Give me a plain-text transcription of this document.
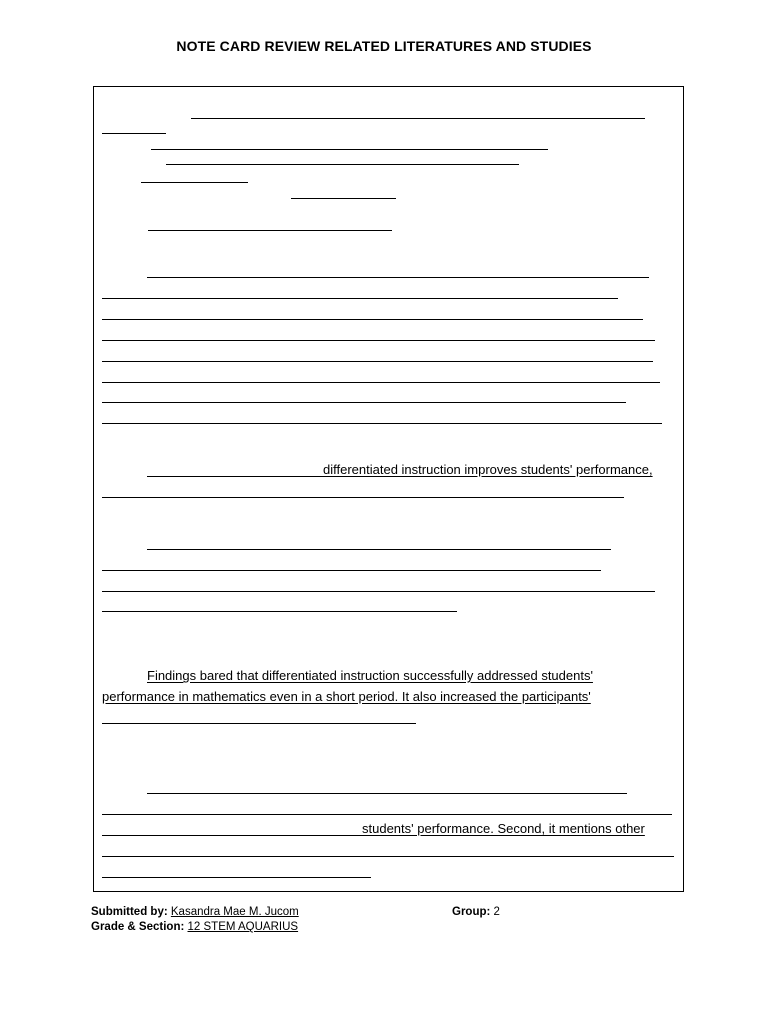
NOTE CARD REVIEW RELATED LITERATURES AND STUDIES
differentiated instruction improves students' performance,
Findings bared that differentiated instruction successfully addressed students'
performance in mathematics even in a short period. It also increased the participants'
students' performance. Second, it mentions other
Submitted by: Kasandra Mae M. Jucom
Grade & Section: 12 STEM AQUARIUS
Group: 2
